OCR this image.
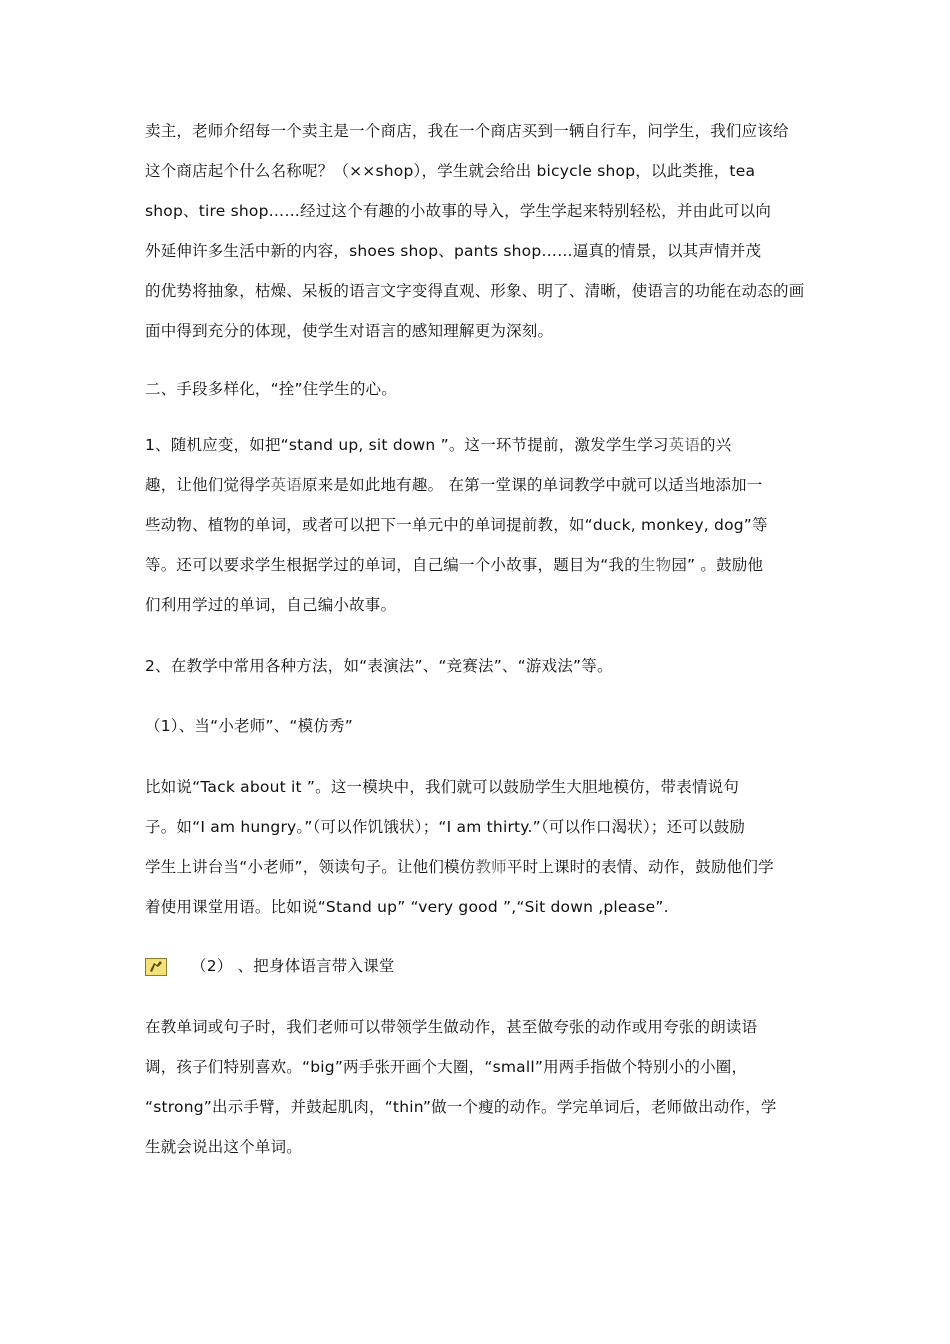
卖主，老师介绍每一个卖主是一个商店，我在一个商店买到一辆自行车，问学生，我们应该给
这个商店起个什么名称呢？（××shop），学生就会给出 bicycle shop，以此类推，tea
shop、tire shop……经过这个有趣的小故事的导入，学生学起来特别轻松，并由此可以向
外延伸许多生活中新的内容，shoes shop、pants shop……逼真的情景，以其声情并茂
的优势将抽象，枯燥、呆板的语言文字变得直观、形象、明了、清晰，使语言的功能在动态的画
面中得到充分的体现，使学生对语言的感知理解更为深刻。
二、手段多样化，“拴”住学生的心。
1、随机应变，如把“stand up, sit down ”。这一环节提前，激发学生学习英语的兴
趣，让他们觉得学英语原来是如此地有趣。 在第一堂课的单词教学中就可以适当地添加一
些动物、植物的单词，或者可以把下一单元中的单词提前教，如“duck, monkey, dog”等
等。还可以要求学生根据学过的单词，自己编一个小故事，题目为“我的生物园” 。鼓励他
们利用学过的单词，自己编小故事。
2、在教学中常用各种方法，如“表演法”、“竞赛法”、“游戏法”等。
（1）、当“小老师”、“模仿秀”
比如说“Tack about it ”。这一模块中，我们就可以鼓励学生大胆地模仿，带表情说句
子。如“I am hungry。”（可以作饥饿状）；“I am thirty.”（可以作口渴状）；还可以鼓励
学生上讲台当“小老师”，领读句子。让他们模仿教师平时上课时的表情、动作，鼓励他们学
着使用课堂用语。比如说“Stand up” “very good ”,“Sit down ,please”.
（2） 、把身体语言带入课堂
在教单词或句子时，我们老师可以带领学生做动作，甚至做夸张的动作或用夸张的朗读语
调，孩子们特别喜欢。“big”两手张开画个大圈，“small”用两手指做个特别小的小圈，
“strong”出示手臂，并鼓起肌肉，“thin”做一个瘦的动作。学完单词后，老师做出动作，学
生就会说出这个单词。
